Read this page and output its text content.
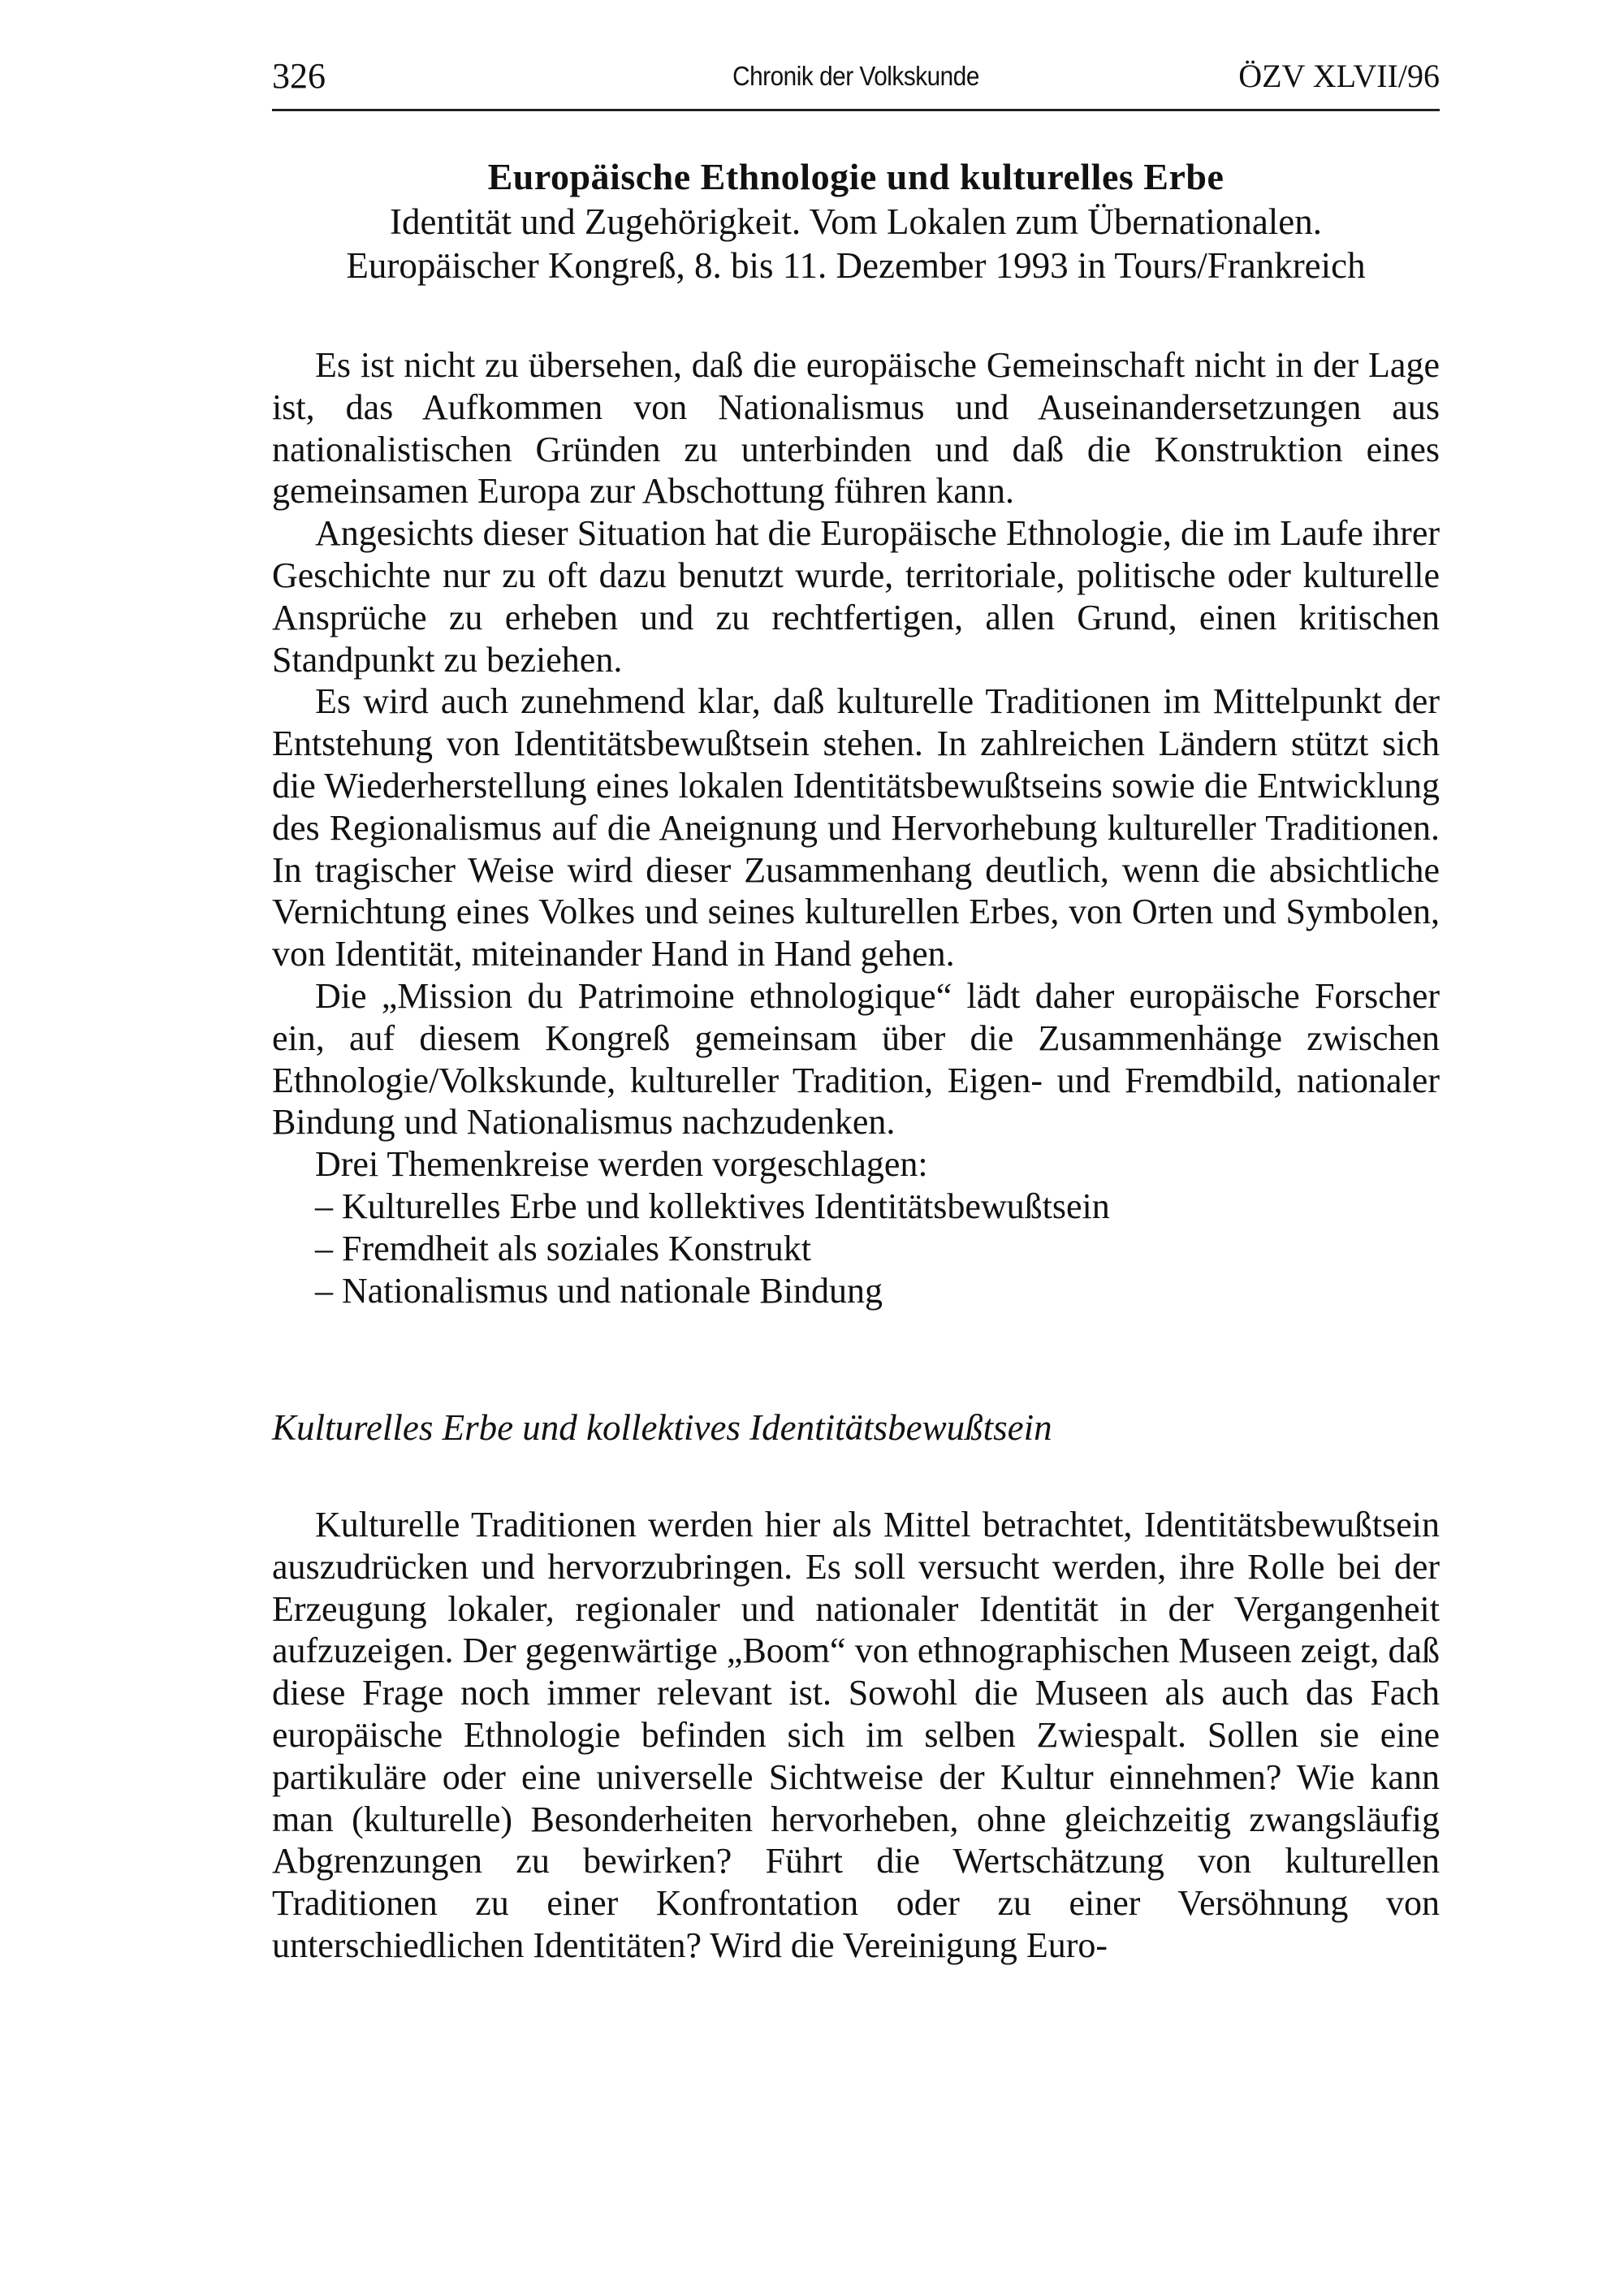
326	Chronik der Volkskunde	ÖZV XLVII/96
Europäische Ethnologie und kulturelles Erbe
Identität und Zugehörigkeit. Vom Lokalen zum Übernationalen.
Europäischer Kongreß, 8. bis 11. Dezember 1993 in Tours/Frankreich

Es ist nicht zu übersehen, daß die europäische Gemeinschaft nicht in der Lage ist, das Aufkommen von Nationalismus und Auseinandersetzungen aus nationalistischen Gründen zu unterbinden und daß die Konstruktion eines gemeinsamen Europa zur Abschottung führen kann.

Angesichts dieser Situation hat die Europäische Ethnologie, die im Laufe ihrer Geschichte nur zu oft dazu benutzt wurde, territoriale, politische oder kulturelle Ansprüche zu erheben und zu rechtfertigen, allen Grund, einen kritischen Standpunkt zu beziehen.

Es wird auch zunehmend klar, daß kulturelle Traditionen im Mittelpunkt der Entstehung von Identitätsbewußtsein stehen. In zahlreichen Ländern stützt sich die Wiederherstellung eines lokalen Identitätsbewußtseins sowie die Entwicklung des Regionalismus auf die Aneignung und Hervorhebung kultureller Traditionen. In tragischer Weise wird dieser Zusammenhang deutlich, wenn die absichtliche Vernichtung eines Volkes und seines kulturellen Erbes, von Orten und Symbolen, von Identität, miteinander Hand in Hand gehen.

Die „Mission du Patrimoine ethnologique“ lädt daher europäische Forscher ein, auf diesem Kongreß gemeinsam über die Zusammenhänge zwischen Ethnologie/Volkskunde, kultureller Tradition, Eigen- und Fremdbild, nationaler Bindung und Nationalismus nachzudenken.

Drei Themenkreise werden vorgeschlagen:

– Kulturelles Erbe und kollektives Identitätsbewußtsein
– Fremdheit als soziales Konstrukt
– Nationalismus und nationale Bindung
Kulturelles Erbe und kollektives Identitätsbewußtsein

Kulturelle Traditionen werden hier als Mittel betrachtet, Identitätsbewußtsein auszudrücken und hervorzubringen. Es soll versucht werden, ihre Rolle bei der Erzeugung lokaler, regionaler und nationaler Identität in der Vergangenheit aufzuzeigen. Der gegenwärtige „Boom“ von ethnographischen Museen zeigt, daß diese Frage noch immer relevant ist. Sowohl die Museen als auch das Fach europäische Ethnologie befinden sich im selben Zwiespalt. Sollen sie eine partikuläre oder eine universelle Sichtweise der Kultur einnehmen? Wie kann man (kulturelle) Besonderheiten hervorheben, ohne gleichzeitig zwangsläufig Abgrenzungen zu bewirken? Führt die Wertschätzung von kulturellen Traditionen zu einer Konfrontation oder zu einer Versöhnung von unterschiedlichen Identitäten? Wird die Vereinigung Euro-
